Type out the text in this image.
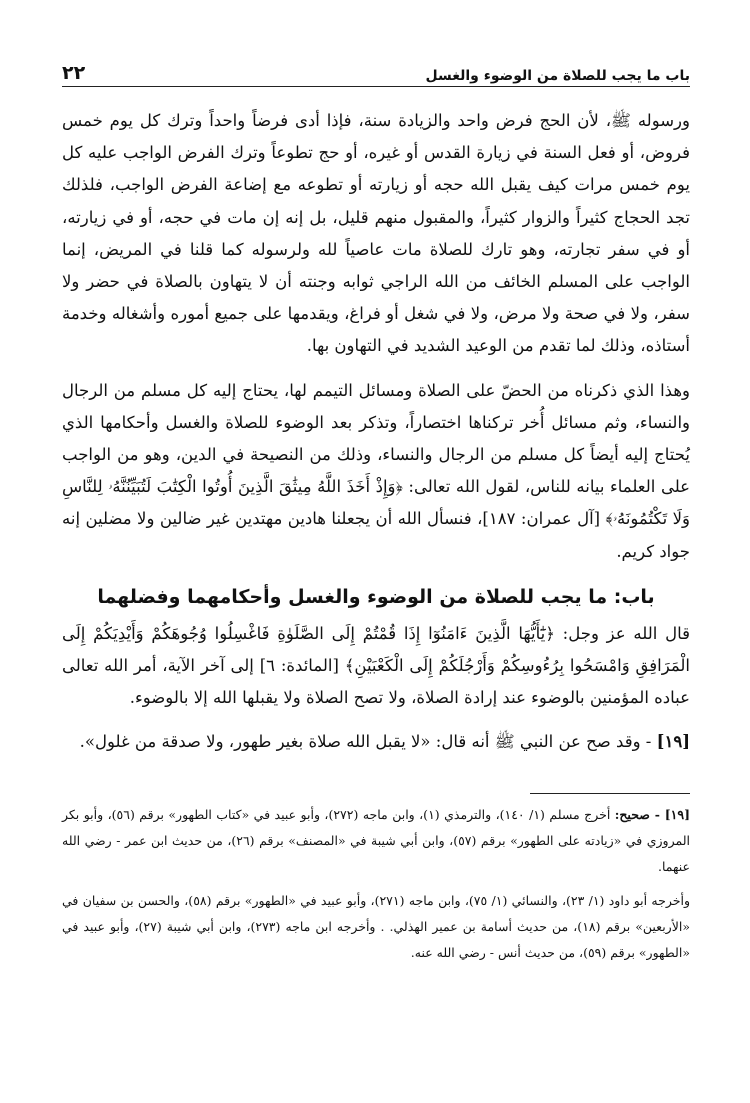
باب ما يجب للصلاة من الوضوء والغسل
٢٢

ورسوله ﷺ، لأن الحج فرض واحد والزيادة سنة، فإذا أدى فرضاً واحداً وترك كل يوم خمس فروض، أو فعل السنة في زيارة القدس أو غيره، أو حج تطوعاً وترك الفرض الواجب عليه كل يوم خمس مرات كيف يقبل الله حجه أو زيارته أو تطوعه مع إضاعة الفرض الواجب، فلذلك تجد الحجاج كثيراً والزوار كثيراً، والمقبول منهم قليل، بل إنه إن مات في حجه، أو في زيارته، أو في سفر تجارته، وهو تارك للصلاة مات عاصياً لله ولرسوله كما قلنا في المريض، إنما الواجب على المسلم الخائف من الله الراجي ثوابه وجنته أن لا يتهاون بالصلاة في حضر ولا سفر، ولا في صحة ولا مرض، ولا في شغل أو فراغ، ويقدمها على جميع أموره وأشغاله وخدمة أستاذه، وذلك لما تقدم من الوعيد الشديد في التهاون بها.

وهذا الذي ذكرناه من الحضّ على الصلاة ومسائل التيمم لها، يحتاج إليه كل مسلم من الرجال والنساء، وثم مسائل أُخر تركناها اختصاراً، وتذكر بعد الوضوء للصلاة والغسل وأحكامها الذي يُحتاج إليه أيضاً كل مسلم من الرجال والنساء، وذلك من النصيحة في الدين، وهو من الواجب على العلماء بيانه للناس، لقول الله تعالى: ﴿وَإِذْ أَخَذَ اللَّهُ مِيثَٰقَ الَّذِينَ أُوتُوا الْكِتَٰبَ لَتُبَيِّنُنَّهُۥ لِلنَّاسِ وَلَا تَكْتُمُونَهُۥ﴾ [آل عمران: ١٨٧]، فنسأل الله أن يجعلنا هادين مهتدين غير ضالين ولا مضلين إنه جواد كريم.

باب: ما يجب للصلاة من الوضوء والغسل وأحكامهما وفضلهما

قال الله عز وجل: ﴿يَٰٓأَيُّهَا الَّذِينَ ءَامَنُوٓا إِذَا قُمْتُمْ إِلَى الصَّلَوٰةِ فَاغْسِلُوا وُجُوهَكُمْ وَأَيْدِيَكُمْ إِلَى الْمَرَافِقِ وَامْسَحُوا بِرُءُوسِكُمْ وَأَرْجُلَكُمْ إِلَى الْكَعْبَيْنِ﴾ [المائدة: ٦] إلى آخر الآية، أمر الله تعالى عباده المؤمنين بالوضوء عند إرادة الصلاة، ولا تصح الصلاة ولا يقبلها الله إلا بالوضوء.

[١٩] - وقد صح عن النبي ﷺ أنه قال: «لا يقبل الله صلاة بغير طهور، ولا صدقة من غلول».

[١٩] - صحيح: أخرج مسلم (١/ ١٤٠)، والترمذي (١)، وابن ماجه (٢٧٢)، وأبو عبيد في «كتاب الطهور» برقم (٥٦)، وأبو بكر المروزي في «زيادته على الطهور» برقم (٥٧)، وابن أبي شيبة في «المصنف» برقم (٢٦)، من حديث ابن عمر - رضي الله عنهما.

وأخرجه أبو داود (١/ ٢٣)، والنسائي (١/ ٧٥)، وابن ماجه (٢٧١)، وأبو عبيد في «الطهور» برقم (٥٨)، والحسن بن سفيان في «الأربعين» برقم (١٨)، من حديث أسامة بن عمير الهذلي. . وأخرجه ابن ماجه (٢٧٣)، وابن أبي شيبة (٢٧)، وأبو عبيد في «الطهور» برقم (٥٩)، من حديث أنس - رضي الله عنه.
